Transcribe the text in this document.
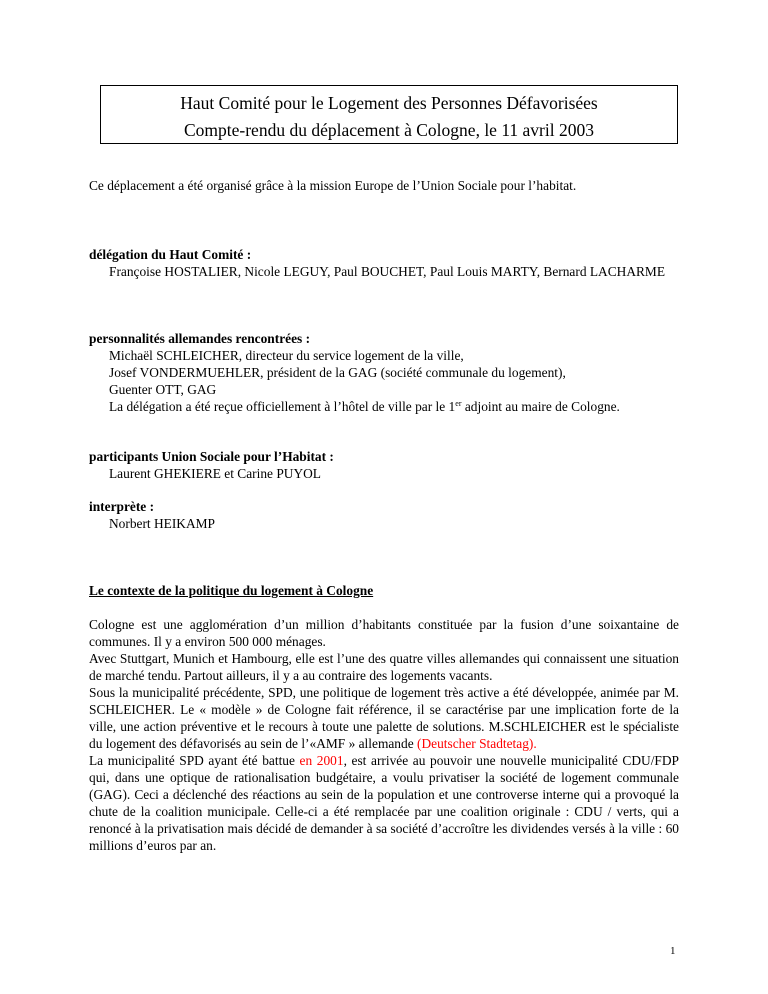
Haut Comité pour le Logement des Personnes Défavorisées
Compte-rendu du déplacement à Cologne, le 11 avril 2003
Ce déplacement a été organisé grâce à la mission Europe de l’Union Sociale pour l’habitat.
délégation du Haut Comité :
Françoise HOSTALIER, Nicole LEGUY, Paul BOUCHET, Paul Louis MARTY, Bernard LACHARME
personnalités allemandes rencontrées :
Michaël SCHLEICHER, directeur du service logement de la ville,
Josef VONDERMUEHLER, président de la GAG (société communale du logement),
Guenter OTT, GAG
La délégation a été reçue officiellement à l’hôtel de ville par le 1er adjoint au maire de Cologne.
participants Union Sociale pour l’Habitat :
Laurent GHEKIERE et Carine PUYOL
interprète :
Norbert HEIKAMP
Le contexte de la politique du logement à Cologne
Cologne est une agglomération d’un million d’habitants constituée par la fusion d’une soixantaine de communes. Il y a environ 500 000 ménages.
Avec Stuttgart, Munich et Hambourg, elle est l’une des quatre villes allemandes qui connaissent une situation de marché tendu. Partout ailleurs, il y a au contraire des logements vacants.
Sous la municipalité précédente, SPD, une politique de logement très active a été développée, animée par M. SCHLEICHER. Le « modèle » de Cologne fait référence, il se caractérise par une implication forte de la ville, une action préventive et le recours à toute une palette de solutions. M.SCHLEICHER est le spécialiste du logement des défavorisés au sein de l’«AMF » allemande (Deutscher Stadtetag).
La municipalité SPD ayant été battue en 2001, est arrivée au pouvoir une nouvelle municipalité CDU/FDP qui, dans une optique de rationalisation budgétaire, a voulu privatiser la société de logement communale (GAG). Ceci a déclenché des réactions au sein de la population et une controverse interne qui a provoqué la chute de la coalition municipale. Celle-ci a été remplacée par une coalition originale : CDU / verts, qui a renoncé à la privatisation mais décidé de demander à sa société d’accroître les dividendes versés à la ville : 60 millions d’euros par an.
1
